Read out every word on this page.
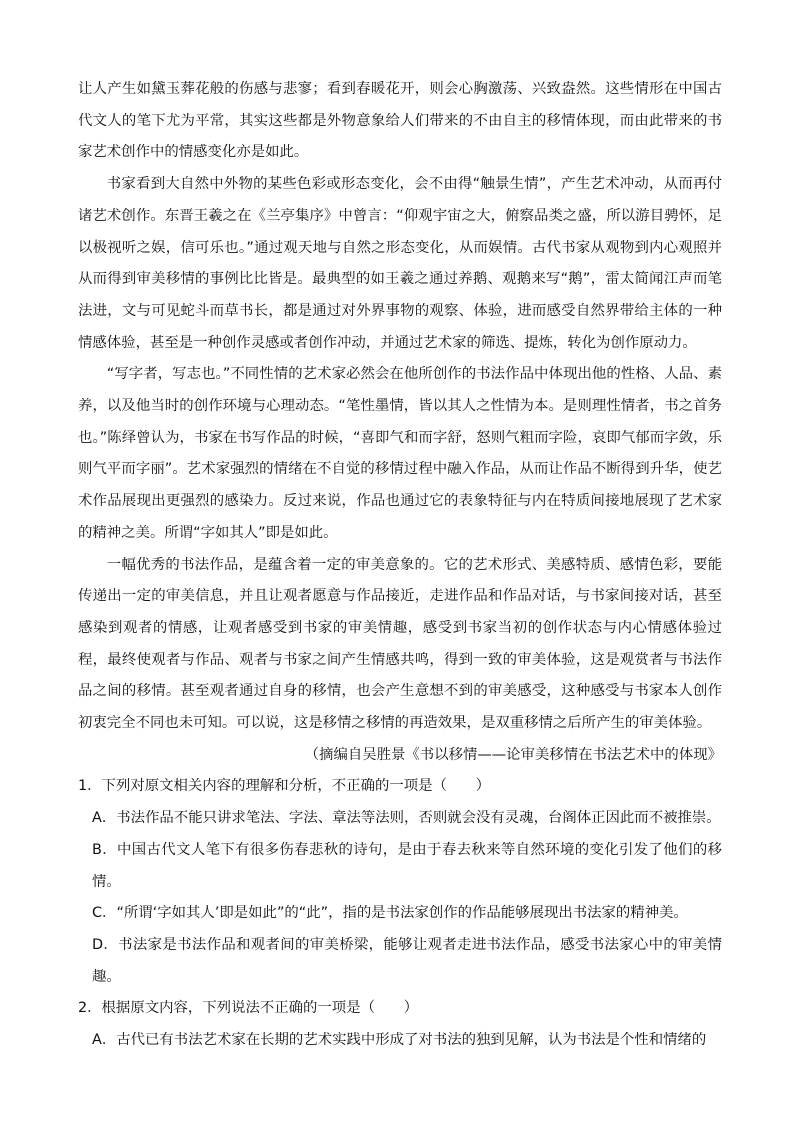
让人产生如黛玉葬花般的伤感与悲寥；看到春暖花开，则会心胸激荡、兴致盎然。这些情形在中国古代文人的笔下尤为平常，其实这些都是外物意象给人们带来的不由自主的移情体现，而由此带来的书家艺术创作中的情感变化亦是如此。

书家看到大自然中外物的某些色彩或形态变化，会不由得“触景生情”，产生艺术冲动，从而再付诸艺术创作。东晋王羲之在《兰亭集序》中曾言：“仰观宇宙之大，俯察品类之盛，所以游目骋怀，足以极视听之娱，信可乐也。”通过观天地与自然之形态变化，从而娱情。古代书家从观物到内心观照并从而得到审美移情的事例比比皆是。最典型的如王羲之通过养鹅、观鹅来写“鹅”，雷太简闻江声而笔法进，文与可见蛇斗而草书长，都是通过对外界事物的观察、体验，进而感受自然界带给主体的一种情感体验，甚至是一种创作灵感或者创作冲动，并通过艺术家的筛选、提炼，转化为创作原动力。

“写字者，写志也。”不同性情的艺术家必然会在他所创作的书法作品中体现出他的性格、人品、素养，以及他当时的创作环境与心理动态。“笔性墨情，皆以其人之性情为本。是则理性情者，书之首务也。”陈绎曾认为，书家在书写作品的时候，“喜即气和而字舒，怒则气粗而字险，哀即气郁而字敛，乐则气平而字丽”。艺术家强烈的情绪在不自觉的移情过程中融入作品，从而让作品不断得到升华，使艺术作品展现出更强烈的感染力。反过来说，作品也通过它的表象特征与内在特质间接地展现了艺术家的精神之美。所谓“字如其人”即是如此。

一幅优秀的书法作品，是蕴含着一定的审美意象的。它的艺术形式、美感特质、感情色彩，要能传递出一定的审美信息，并且让观者愿意与作品接近，走进作品和作品对话，与书家间接对话，甚至感染到观者的情感，让观者感受到书家的审美情趣，感受到书家当初的创作状态与内心情感体验过程，最终使观者与作品、观者与书家之间产生情感共鸣，得到一致的审美体验，这是观赏者与书法作品之间的移情。甚至观者通过自身的移情，也会产生意想不到的审美感受，这种感受与书家本人创作初衷完全不同也未可知。可以说，这是移情之移情的再造效果，是双重移情之后所产生的审美体验。

（摘编自吴胜景《书以移情——论审美移情在书法艺术中的体现》

1．下列对原文相关内容的理解和分析，不正确的一项是（　　）

A．书法作品不能只讲求笔法、字法、章法等法则，否则就会没有灵魂，台阁体正因此而不被推崇。

B．中国古代文人笔下有很多伤春悲秋的诗句，是由于春去秋来等自然环境的变化引发了他们的移情。

C．“所谓‘字如其人’即是如此”的“此”，指的是书法家创作的作品能够展现出书法家的精神美。

D．书法家是书法作品和观者间的审美桥梁，能够让观者走进书法作品，感受书法家心中的审美情趣。

2．根据原文内容，下列说法不正确的一项是（　　）

A．古代已有书法艺术家在长期的艺术实践中形成了对书法的独到见解，认为书法是个性和情绪的
